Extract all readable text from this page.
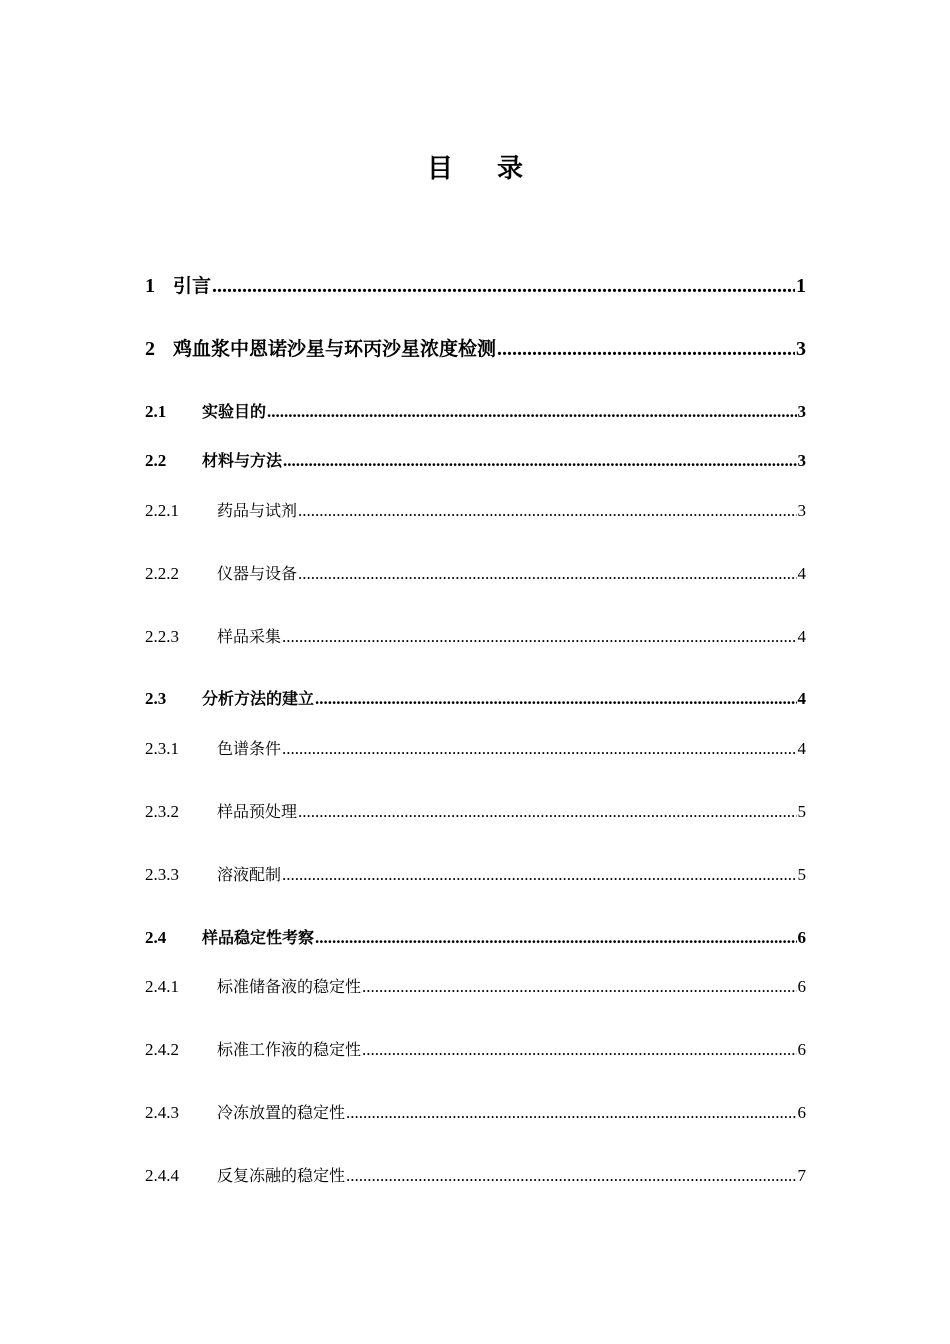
目录
1 引言 .....	1
2 鸡血浆中恩诺沙星与环丙沙星浓度检测 .....	3
2.1	实验目的 .....	3
2.2	材料与方法 .....	3
2.2.1	药品与试剂 .....	3
2.2.2	仪器与设备 .....	4
2.2.3	样品采集 .....	4
2.3	分析方法的建立 .....	4
2.3.1	色谱条件 .....	4
2.3.2	样品预处理 .....	5
2.3.3	溶液配制 .....	5
2.4	样品稳定性考察 .....	6
2.4.1	标准储备液的稳定性 .....	6
2.4.2	标准工作液的稳定性 .....	6
2.4.3	冷冻放置的稳定性 .....	6
2.4.4	反复冻融的稳定性 .....	7
